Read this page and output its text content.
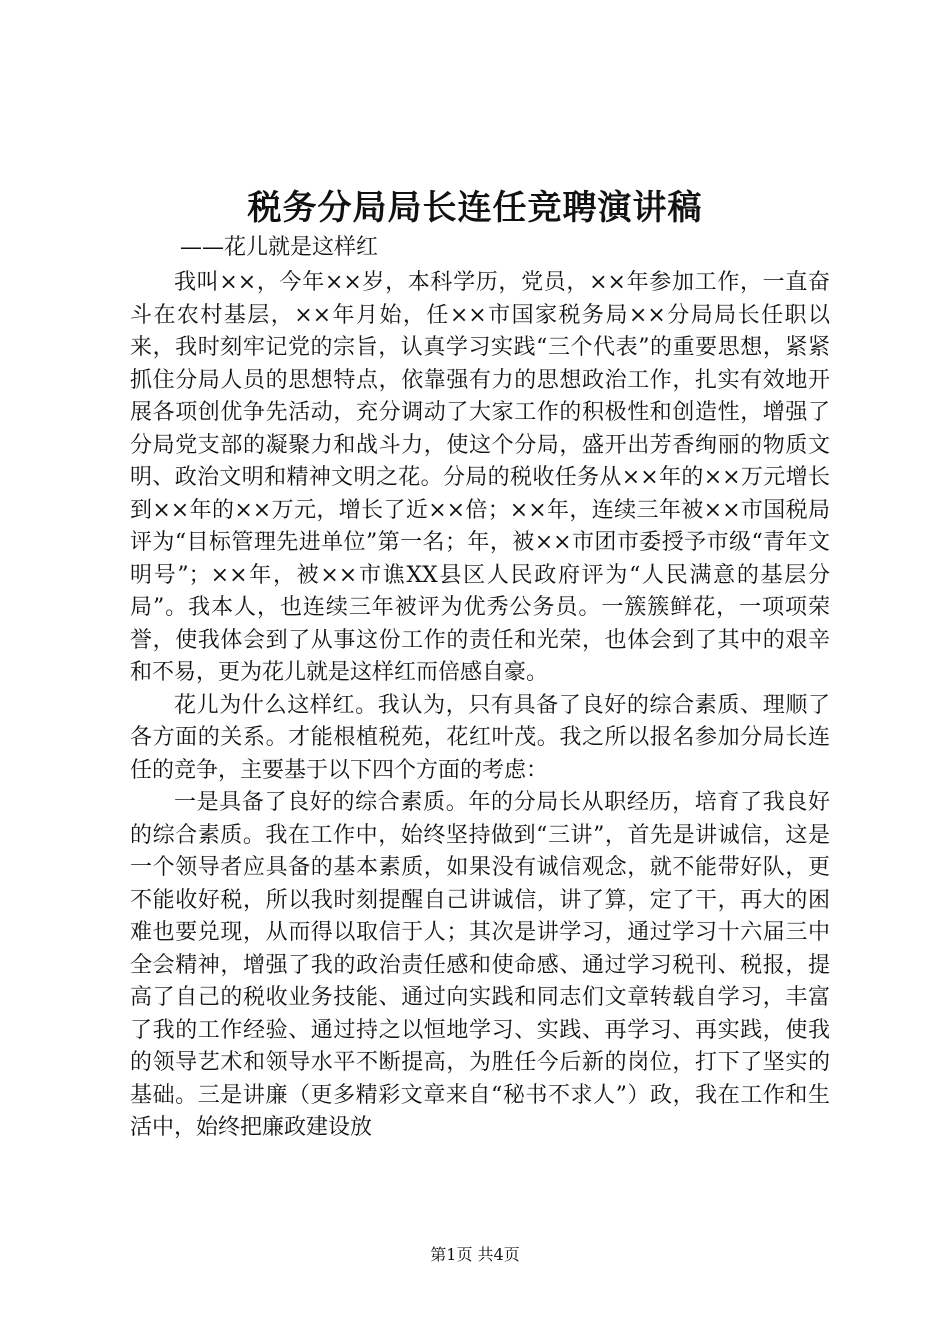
税务分局局长连任竞聘演讲稿
——花儿就是这样红

我叫××，今年××岁，本科学历，党员，××年参加工作，一直奋斗在农村基层，××年月始，任××市国家税务局××分局局长任职以来，我时刻牢记党的宗旨，认真学习实践“三个代表”的重要思想，紧紧抓住分局人员的思想特点，依靠强有力的思想政治工作，扎实有效地开展各项创优争先活动，充分调动了大家工作的积极性和创造性，增强了分局党支部的凝聚力和战斗力，使这个分局，盛开出芳香绚丽的物质文明、政治文明和精神文明之花。分局的税收任务从××年的××万元增长到××年的××万元，增长了近××倍；××年，连续三年被××市国税局评为“目标管理先进单位”第一名；年，被××市团市委授予市级“青年文明号”；××年，被××市谯XX县区人民政府评为“人民满意的基层分局”。我本人，也连续三年被评为优秀公务员。一簇簇鲜花，一项项荣誉，使我体会到了从事这份工作的责任和光荣，也体会到了其中的艰辛和不易，更为花儿就是这样红而倍感自豪。

花儿为什么这样红。我认为，只有具备了良好的综合素质、理顺了各方面的关系。才能根植税苑，花红叶茂。我之所以报名参加分局长连任的竞争，主要基于以下四个方面的考虑：

一是具备了良好的综合素质。年的分局长从职经历，培育了我良好的综合素质。我在工作中，始终坚持做到“三讲”，首先是讲诚信，这是一个领导者应具备的基本素质，如果没有诚信观念，就不能带好队，更不能收好税，所以我时刻提醒自己讲诚信，讲了算，定了干，再大的困难也要兑现，从而得以取信于人；其次是讲学习，通过学习十六届三中全会精神，增强了我的政治责任感和使命感、通过学习税刊、税报，提高了自己的税收业务技能、通过向实践和同志们文章转载自学习，丰富了我的工作经验、通过持之以恒地学习、实践、再学习、再实践，使我的领导艺术和领导水平不断提高，为胜任今后新的岗位，打下了坚实的基础。三是讲廉（更多精彩文章来自“秘书不求人”）政，我在工作和生活中，始终把廉政建设放

第1页 共4页
